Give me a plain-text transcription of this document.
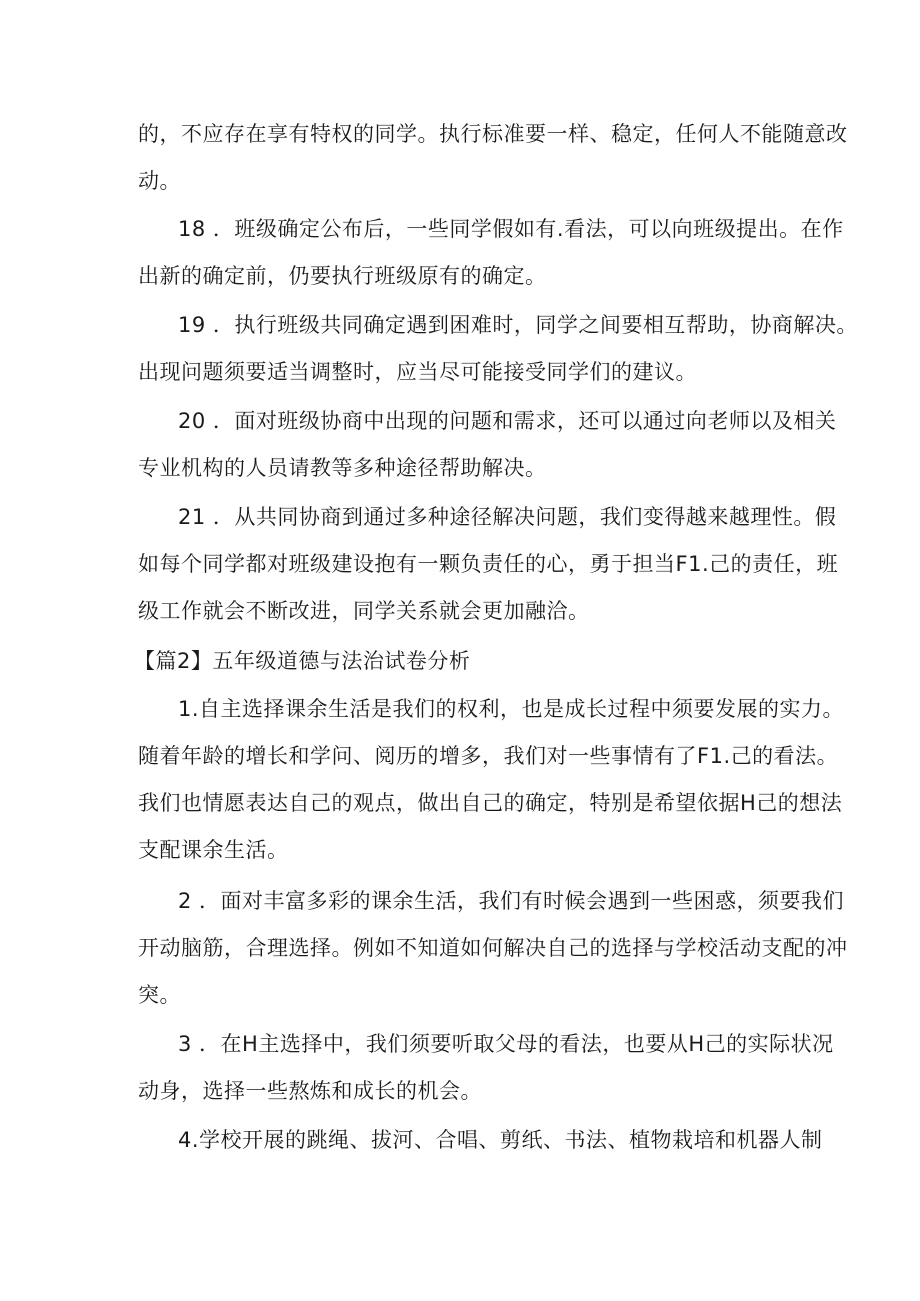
的，不应存在享有特权的同学。执行标准要一样、稳定，任何人不能随意改
动。
18 ．班级确定公布后，一些同学假如有.看法，可以向班级提出。在作
出新的确定前，仍要执行班级原有的确定。
19 ．执行班级共同确定遇到困难时，同学之间要相互帮助，协商解决。
出现问题须要适当调整时，应当尽可能接受同学们的建议。
20 ．面对班级协商中出现的问题和需求，还可以通过向老师以及相关
专业机构的人员请教等多种途径帮助解决。
21 ．从共同协商到通过多种途径解决问题，我们变得越来越理性。假
如每个同学都对班级建设抱有一颗负责任的心，勇于担当F1.己的责任，班
级工作就会不断改进，同学关系就会更加融洽。
【篇2】五年级道德与法治试卷分析
1.自主选择课余生活是我们的权利，也是成长过程中须要发展的实力。
随着年龄的增长和学问、阅历的增多，我们对一些事情有了F1.己的看法。
我们也情愿表达自己的观点，做出自己的确定，特别是希望依据H己的想法
支配课余生活。
2 ．面对丰富多彩的课余生活，我们有时候会遇到一些困惑，须要我们
开动脑筋，合理选择。例如不知道如何解决自己的选择与学校活动支配的冲
突。
3 ．在H主选择中，我们须要听取父母的看法，也要从H己的实际状况
动身，选择一些熬炼和成长的机会。
4.学校开展的跳绳、拔河、合唱、剪纸、书法、植物栽培和机器人制
